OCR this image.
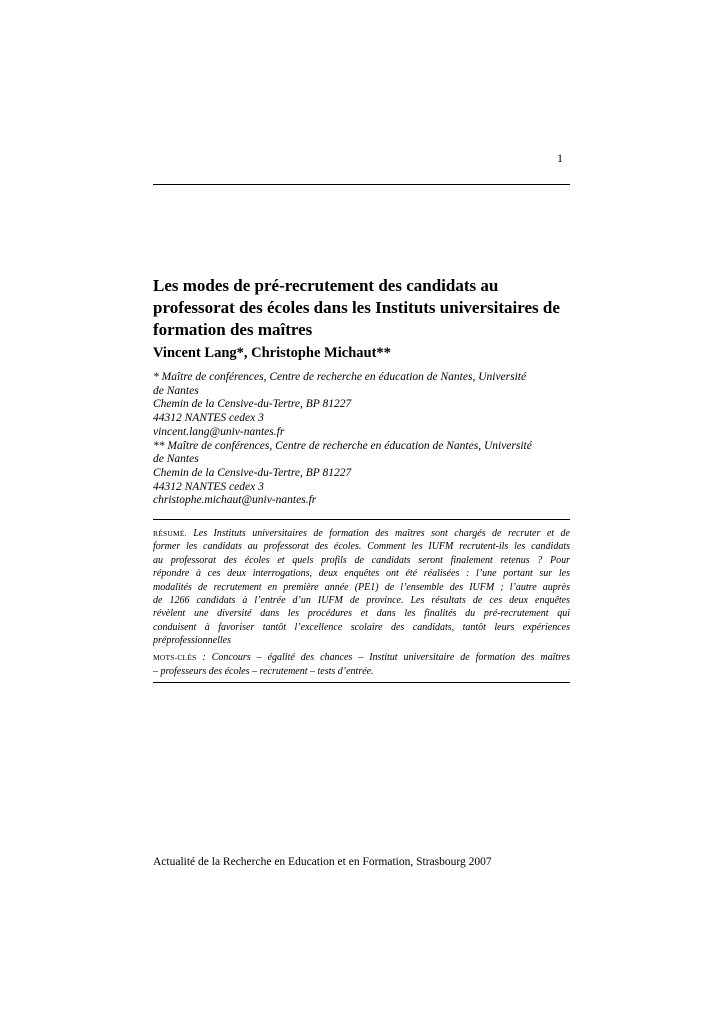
1
Les modes de pré-recrutement des candidats au
professorat des écoles dans les Instituts universitaires de
formation des maîtres
Vincent Lang*, Christophe Michaut**
* Maître de conférences, Centre de recherche en éducation de Nantes, Université
de Nantes
Chemin de la Censive-du-Tertre, BP 81227
44312 NANTES cedex 3
vincent.lang@univ-nantes.fr
** Maître de conférences, Centre de recherche en éducation de Nantes, Université
de Nantes
Chemin de la Censive-du-Tertre, BP 81227
44312 NANTES cedex 3
christophe.michaut@univ-nantes.fr
RÉSUMÉ. Les Instituts universitaires de formation des maîtres sont chargés de recruter et de
former les candidats au professorat des écoles. Comment les IUFM recrutent-ils les candidats
au professorat des écoles et quels profils de candidats seront finalement retenus ? Pour
répondre à ces deux interrogations, deux enquêtes ont été réalisées : l’une portant sur les
modalités de recrutement en première année (PE1) de l’ensemble des IUFM ; l’autre auprès
de 1266 candidats à l’entrée d’un IUFM de province. Les résultats de ces deux enquêtes
révèlent une diversité dans les procédures et dans les finalités du pré-recrutement qui
conduisent à favoriser tantôt l’excellence scolaire des candidats, tantôt leurs expériences
préprofessionnelles
MOTS-CLÉS : Concours – égalité des chances – Institut universitaire de formation des maîtres
– professeurs des écoles – recrutement – tests d’entrée.
Actualité de la Recherche en Education et en Formation, Strasbourg 2007
